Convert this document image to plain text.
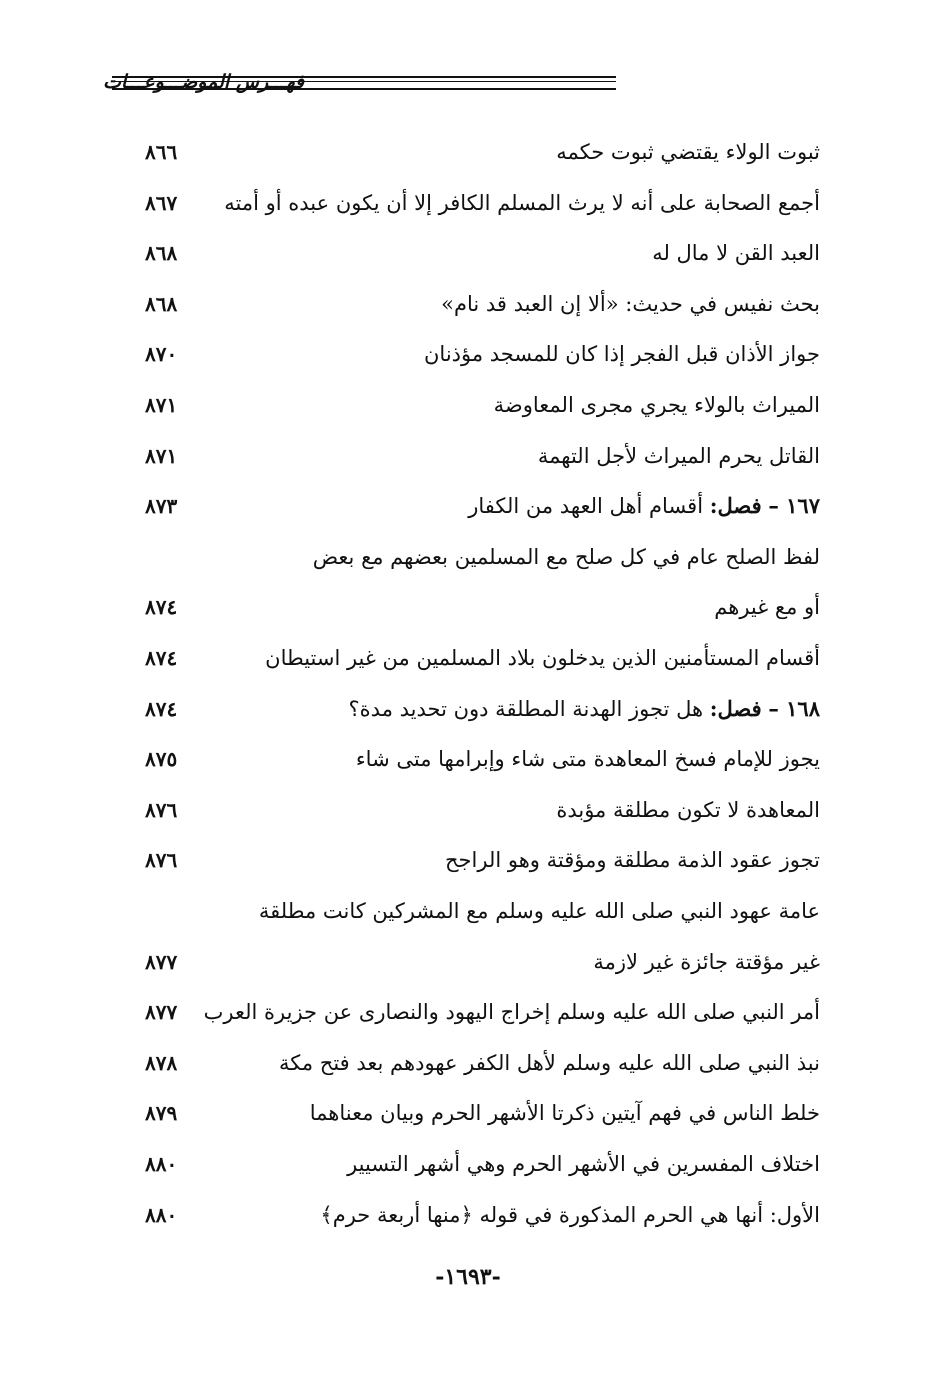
فهـــرس الموضـــوعـــات
ثبوت الولاء يقتضي ثبوت حكمه
٨٦٦
أجمع الصحابة على أنه لا يرث المسلم الكافر إلا أن يكون عبده أو أمته
٨٦٧
العبد القن لا مال له
٨٦٨
بحث نفيس في حديث: «ألا إن العبد قد نام»
٨٦٨
جواز الأذان قبل الفجر إذا كان للمسجد مؤذنان
٨٧٠
الميراث بالولاء يجري مجرى المعاوضة
٨٧١
القاتل يحرم الميراث لأجل التهمة
٨٧١
١٦٧ – فصل: أقسام أهل العهد من الكفار
٨٧٣
لفظ الصلح عام في كل صلح مع المسلمين بعضهم مع بعض
أو مع غيرهم
٨٧٤
أقسام المستأمنين الذين يدخلون بلاد المسلمين من غير استيطان
٨٧٤
١٦٨ – فصل: هل تجوز الهدنة المطلقة دون تحديد مدة؟
٨٧٤
يجوز للإمام فسخ المعاهدة متى شاء وإبرامها متى شاء
٨٧٥
المعاهدة لا تكون مطلقة مؤبدة
٨٧٦
تجوز عقود الذمة مطلقة ومؤقتة وهو الراجح
٨٧٦
عامة عهود النبي صلى الله عليه وسلم مع المشركين كانت مطلقة
غير مؤقتة جائزة غير لازمة
٨٧٧
أمر النبي صلى الله عليه وسلم إخراج اليهود والنصارى عن جزيرة العرب
٨٧٧
نبذ النبي صلى الله عليه وسلم لأهل الكفر عهودهم بعد فتح مكة
٨٧٨
خلط الناس في فهم آيتين ذكرتا الأشهر الحرم وبيان معناهما
٨٧٩
اختلاف المفسرين في الأشهر الحرم وهي أشهر التسيير
٨٨٠
الأول: أنها هي الحرم المذكورة في قوله ﴿منها أربعة حرم﴾
٨٨٠
-١٦٩٣-
